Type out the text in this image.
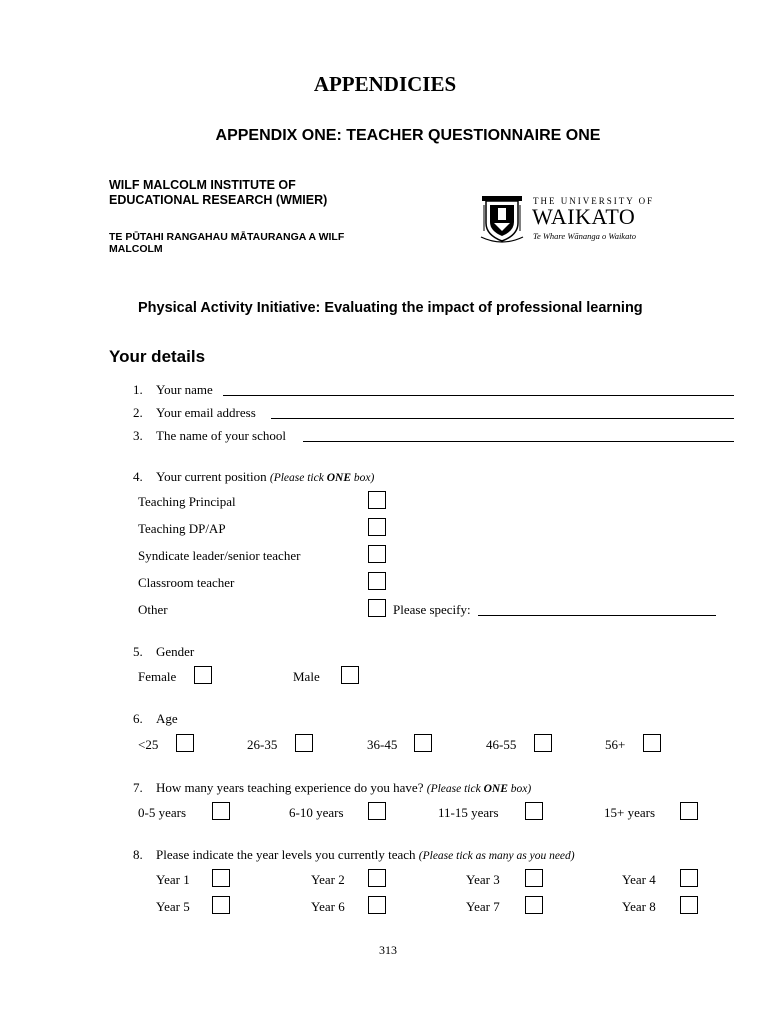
APPENDICIES
APPENDIX ONE: TEACHER QUESTIONNAIRE ONE
WILF MALCOLM INSTITUTE OF
EDUCATIONAL RESEARCH (WMIER)
TE PŪTAHI RANGAHAU MĀTAURANGA A WILF
MALCOLM
THE UNIVERSITY OF
WAIKATO
Te Whare Wānanga o Waikato
Physical Activity Initiative: Evaluating the impact of professional learning
Your details
1. Your name
2. Your email address
3. The name of your school
4. Your current position (Please tick ONE box)
Teaching Principal
Teaching DP/AP
Syndicate leader/senior teacher
Classroom teacher
Other	Please specify:
5. Gender
Female	Male
6. Age
<25	26-35	36-45	46-55	56+
7. How many years teaching experience do you have? (Please tick ONE box)
0-5 years	6-10 years	11-15 years	15+ years
8. Please indicate the year levels you currently teach (Please tick as many as you need)
Year 1	Year 2	Year 3	Year 4
Year 5	Year 6	Year 7	Year 8
313
